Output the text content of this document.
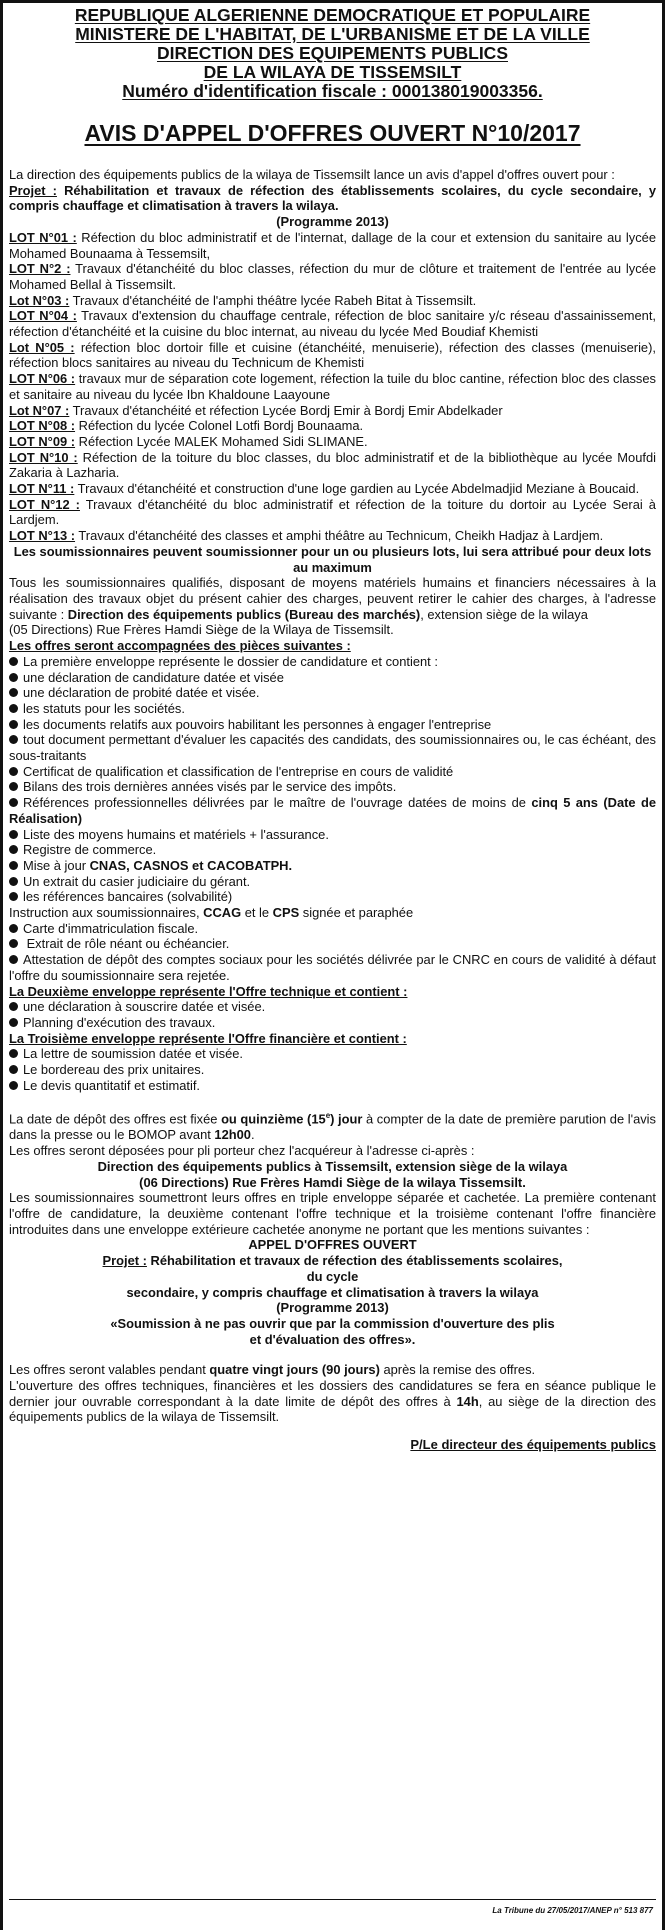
REPUBLIQUE ALGERIENNE DEMOCRATIQUE ET POPULAIRE
MINISTERE DE L'HABITAT, DE L'URBANISME ET DE LA VILLE
DIRECTION DES EQUIPEMENTS PUBLICS
DE LA WILAYA DE TISSEMSILT
Numéro d'identification fiscale : 000138019003356.
AVIS D'APPEL D'OFFRES OUVERT N°10/2017

La direction des équipements publics de la wilaya de Tissemsilt lance un avis d'appel d'offres ouvert pour :

Projet : Réhabilitation et travaux de réfection des établissements scolaires, du cycle secondaire, y compris chauffage et climatisation à travers la wilaya.

(Programme 2013)

LOT N°01 : Réfection du bloc administratif et de l'internat, dallage de la cour et extension du sanitaire au lycée Mohamed Bounaama à Tessemsilt,

LOT N°2 : Travaux d'étanchéité du bloc classes, réfection du mur de clôture et traitement de l'entrée au lycée Mohamed Bellal à Tissemsilt.

Lot N°03 : Travaux d'étanchéité de l'amphi théâtre lycée Rabeh Bitat à Tissemsilt.

LOT N°04 : Travaux d'extension du chauffage centrale, réfection de bloc sanitaire y/c réseau d'assainissement, réfection d'étanchéité et la cuisine du bloc internat, au niveau du lycée Med Boudiaf Khemisti

Lot N°05 : réfection bloc dortoir fille et cuisine (étanchéité, menuiserie), réfection des classes (menuiserie), réfection blocs sanitaires au niveau du Technicum de Khemisti

LOT N°06 : travaux mur de séparation cote logement, réfection la tuile du bloc cantine, réfection bloc des classes et sanitaire au niveau du lycée Ibn Khaldoune Laayoune

Lot N°07 : Travaux d'étanchéité et réfection Lycée Bordj Emir à Bordj Emir Abdelkader

LOT N°08 : Réfection du lycée Colonel Lotfi Bordj Bounaama.

LOT N°09 : Réfection Lycée MALEK Mohamed Sidi SLIMANE.

LOT N°10 : Réfection de la toiture du bloc classes, du bloc administratif et de la bibliothèque au lycée Moufdi Zakaria à Lazharia.

LOT N°11 : Travaux d'étanchéité et construction d'une loge gardien au Lycée Abdelmadjid Meziane à Boucaid.

LOT N°12 : Travaux d'étanchéité du bloc administratif et réfection de la toiture du dortoir au Lycée Serai à Lardjem.

LOT N°13 : Travaux d'étanchéité des classes et amphi théâtre au Technicum, Cheikh Hadjaz à Lardjem.

Les soumissionnaires peuvent soumissionner pour un ou plusieurs lots, lui sera attribué pour deux lots au maximum

Tous les soumissionnaires qualifiés, disposant de moyens matériels humains et financiers nécessaires à la réalisation des travaux objet du présent cahier des charges, peuvent retirer le cahier des charges, à l'adresse suivante : Direction des équipements publics (Bureau des marchés), extension siège de la wilaya

(05 Directions) Rue Frères Hamdi Siège de la Wilaya de Tissemsilt.

Les offres seront accompagnées des pièces suivantes :

La première enveloppe représente le dossier de candidature et contient :

une déclaration de candidature datée et visée

une déclaration de probité datée et visée.

les statuts pour les sociétés.

les documents relatifs aux pouvoirs habilitant les personnes à engager l'entreprise

tout document permettant d'évaluer les capacités des candidats, des soumissionnaires ou, le cas échéant, des sous-traitants

Certificat de qualification et classification de l'entreprise en cours de validité

Bilans des trois dernières années visés par le service des impôts.

Références professionnelles délivrées par le maître de l'ouvrage datées de moins de cinq 5 ans (Date de Réalisation)

Liste des moyens humains et matériels + l'assurance.

Registre de commerce.

Mise à jour CNAS, CASNOS et CACOBATPH.

Un extrait du casier judiciaire du gérant.

les références bancaires (solvabilité)

Instruction aux soumissionnaires, CCAG et le CPS signée et paraphée

Carte d'immatriculation fiscale.

Extrait de rôle néant ou échéancier.

Attestation de dépôt des comptes sociaux pour les sociétés délivrée par le CNRC en cours de validité à défaut l'offre du soumissionnaire sera rejetée.

La Deuxième enveloppe représente l'Offre technique et contient :

une déclaration à souscrire datée et visée.

Planning d'exécution des travaux.

La Troisième enveloppe représente l'Offre financière et contient :

La lettre de soumission datée et visée.

Le bordereau des prix unitaires.

Le devis quantitatif et estimatif.

La date de dépôt des offres est fixée ou quinzième (15e) jour à compter de la date de première parution de l'avis dans la presse ou le BOMOP avant 12h00.

Les offres seront déposées pour pli porteur chez l'acquéreur à l'adresse ci-après :

Direction des équipements publics à Tissemsilt, extension siège de la wilaya

(06 Directions) Rue Frères Hamdi Siège de la wilaya Tissemsilt.

Les soumissionnaires soumettront leurs offres en triple enveloppe séparée et cachetée. La première contenant l'offre de candidature, la deuxième contenant l'offre technique et la troisième contenant l'offre financière introduites dans une enveloppe extérieure cachetée anonyme ne portant que les mentions suivantes :

APPEL D'OFFRES OUVERT

Projet : Réhabilitation et travaux de réfection des établissements scolaires,

du cycle

secondaire, y compris chauffage et climatisation à travers la wilaya

(Programme 2013)

«Soumission à ne pas ouvrir que par la commission d'ouverture des plis

et d'évaluation des offres».

Les offres seront valables pendant quatre vingt jours (90 jours) après la remise des offres.

L'ouverture des offres techniques, financières et les dossiers des candidatures se fera en séance publique le dernier jour ouvrable correspondant à la date limite de dépôt des offres à 14h, au siège de la direction des équipements publics de la wilaya de Tissemsilt.

P/Le directeur des équipements publics
La Tribune du 27/05/2017/ANEP n° 513 877
